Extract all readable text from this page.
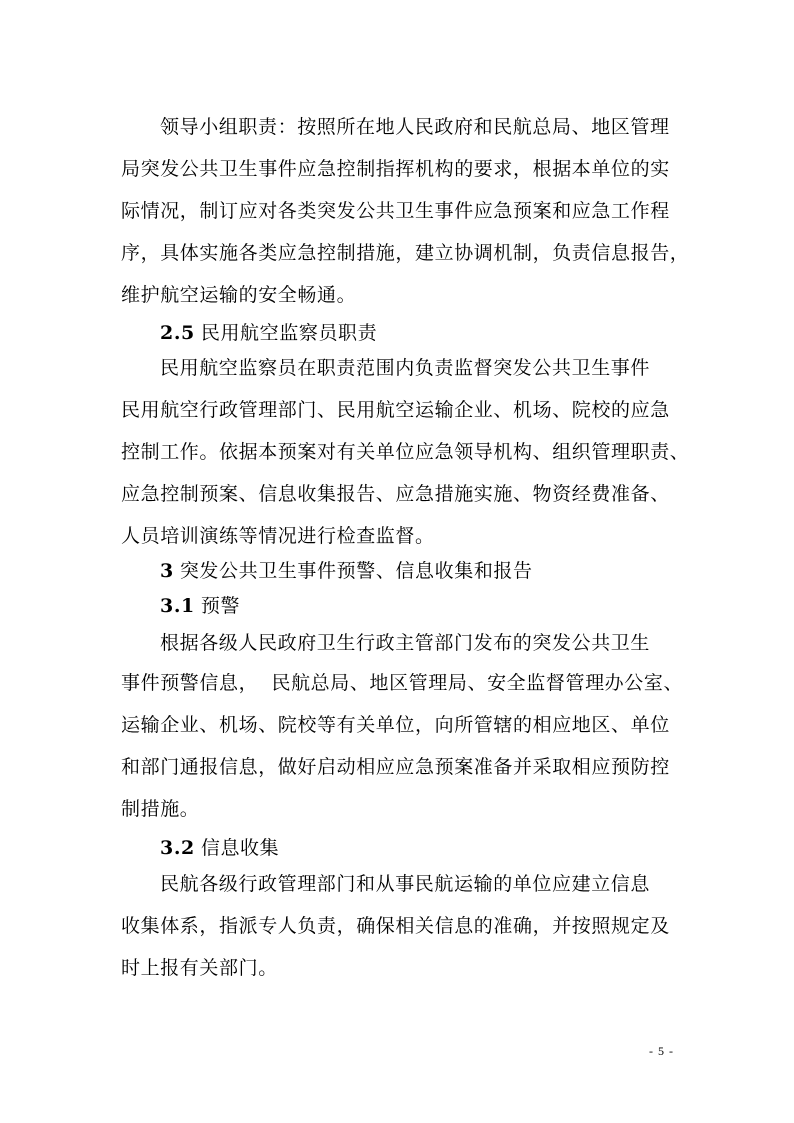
领导小组职责：按照所在地人民政府和民航总局、地区管理
局突发公共卫生事件应急控制指挥机构的要求，根据本单位的实
际情况，制订应对各类突发公共卫生事件应急预案和应急工作程
序，具体实施各类应急控制措施，建立协调机制，负责信息报告，
维护航空运输的安全畅通。
2.5 民用航空监察员职责
民用航空监察员在职责范围内负责监督突发公共卫生事件
民用航空行政管理部门、民用航空运输企业、机场、院校的应急
控制工作。依据本预案对有关单位应急领导机构、组织管理职责、
应急控制预案、信息收集报告、应急措施实施、物资经费准备、
人员培训演练等情况进行检查监督。
3 突发公共卫生事件预警、信息收集和报告
3.1 预警
根据各级人民政府卫生行政主管部门发布的突发公共卫生
事件预警信息，  民航总局、地区管理局、安全监督管理办公室、
运输企业、机场、院校等有关单位，向所管辖的相应地区、单位
和部门通报信息，做好启动相应应急预案准备并采取相应预防控
制措施。
3.2 信息收集
民航各级行政管理部门和从事民航运输的单位应建立信息
收集体系，指派专人负责，确保相关信息的准确，并按照规定及
时上报有关部门。
- 5 -
